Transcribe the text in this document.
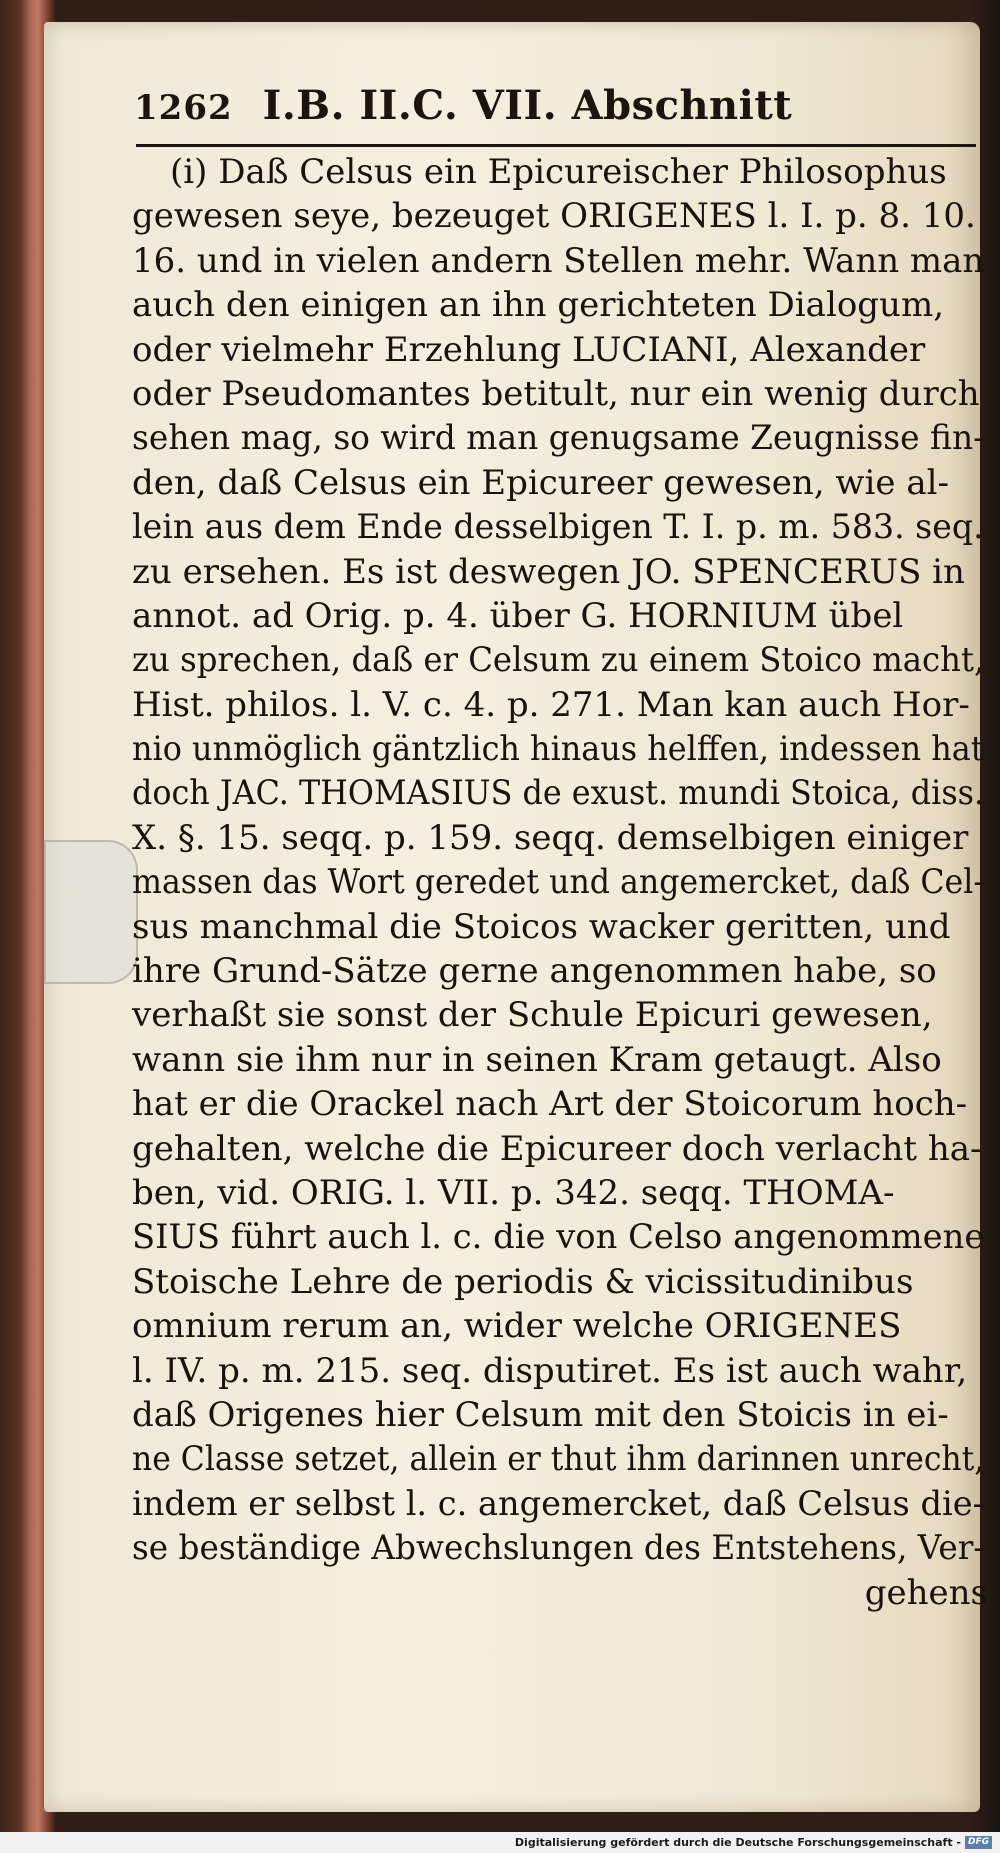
1262 I.B. II.C. VII. Abschnitt
(i) Daß Celsus ein Epicureischer Philosophus
gewesen seye, bezeuget ORIGENES l. I. p. 8. 10.
16. und in vielen andern Stellen mehr. Wann man
auch den einigen an ihn gerichteten Dialogum,
oder vielmehr Erzehlung LUCIANI, Alexander
oder Pseudomantes betitult, nur ein wenig durch
sehen mag, so wird man genugsame Zeugnisse fin-
den, daß Celsus ein Epicureer gewesen, wie al-
lein aus dem Ende desselbigen T. I. p. m. 583. seq.
zu ersehen. Es ist deswegen JO. SPENCERUS in
annot. ad Orig. p. 4. über G. HORNIUM übel
zu sprechen, daß er Celsum zu einem Stoico macht,
Hist. philos. l. V. c. 4. p. 271. Man kan auch Hor-
nio unmöglich gäntzlich hinaus helffen, indessen hat
doch JAC. THOMASIUS de exust. mundi Stoica, diss.
X. §. 15. seqq. p. 159. seqq. demselbigen einiger
massen das Wort geredet und angemercket, daß Cel-
sus manchmal die Stoicos wacker geritten, und
ihre Grund-Sätze gerne angenommen habe, so
verhaßt sie sonst der Schule Epicuri gewesen,
wann sie ihm nur in seinen Kram getaugt. Also
hat er die Orackel nach Art der Stoicorum hoch-
gehalten, welche die Epicureer doch verlacht ha-
ben, vid. ORIG. l. VII. p. 342. seqq. THOMA-
SIUS führt auch l. c. die von Celso angenommene
Stoische Lehre de periodis & vicissitudinibus
omnium rerum an, wider welche ORIGENES
l. IV. p. m. 215. seq. disputiret. Es ist auch wahr,
daß Origenes hier Celsum mit den Stoicis in ei-
ne Classe setzet, allein er thut ihm darinnen unrecht,
indem er selbst l. c. angemercket, daß Celsus die-
se beständige Abwechslungen des Entstehens, Ver-
gehens
Digitalisierung gefördert durch die Deutsche Forschungsgemeinschaft - DFG
